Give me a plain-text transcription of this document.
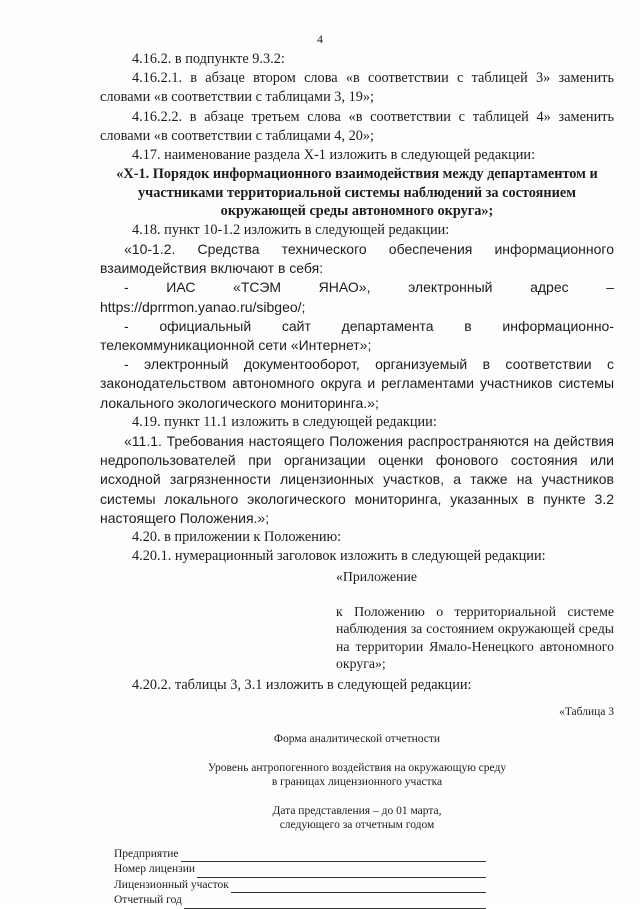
4

4.16.2. в подпункте 9.3.2:

4.16.2.1. в абзаце втором слова «в соответствии с таблицей 3» заменить словами «в соответствии с таблицами 3, 19»;

4.16.2.2. в абзаце третьем слова «в соответствии с таблицей 4» заменить словами «в соответствии с таблицами 4, 20»;

4.17. наименование раздела X-1 изложить в следующей редакции:

«X-1. Порядок информационного взаимодействия между департаментом и участниками территориальной системы наблюдений за состоянием окружающей среды автономного округа»;

4.18. пункт 10-1.2 изложить в следующей редакции:

«10-1.2. Средства технического обеспечения информационного взаимодействия включают в себя:

- ИАС «ТСЭМ ЯНАО», электронный адрес – https://dprrmon.yanao.ru/sibgeo/;

- официальный сайт департамента в информационно-телекоммуникационной сети «Интернет»;

- электронный документооборот, организуемый в соответствии с законодательством автономного округа и регламентами участников системы локального экологического мониторинга.»;

4.19. пункт 11.1 изложить в следующей редакции:

«11.1. Требования настоящего Положения распространяются на действия недропользователей при организации оценки фонового состояния или исходной загрязненности лицензионных участков, а также на участников системы локального экологического мониторинга, указанных в пункте 3.2 настоящего Положения.»;

4.20. в приложении к Положению:

4.20.1. нумерационный заголовок изложить в следующей редакции:

«Приложение

к Положению о территориальной системе наблюдения за состоянием окружающей среды на территории Ямало-Ненецкого автономного округа»;

4.20.2. таблицы 3, 3.1 изложить в следующей редакции:

«Таблица 3

Форма аналитической отчетности

Уровень антропогенного воздействия на окружающую среду

в границах лицензионного участка

Дата представления – до 01 марта,

следующего за отчетным годом

Предприятие
Номер лицензии
Лицензионный участок
Отчетный год
